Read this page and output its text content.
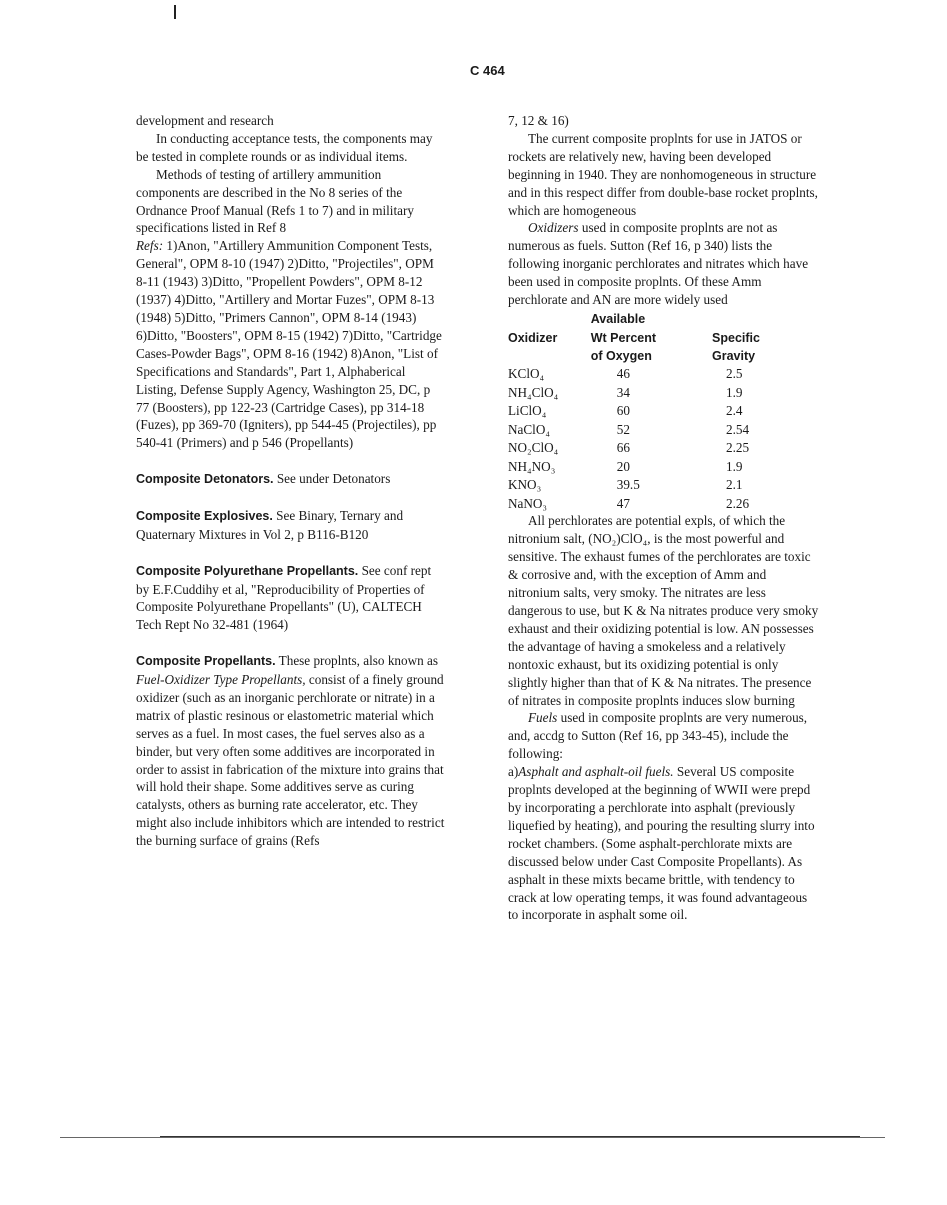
C 464

development and research

In conducting acceptance tests, the components may be tested in complete rounds or as individual items.

Methods of testing of artillery ammunition components are described in the No 8 series of the Ordnance Proof Manual (Refs 1 to 7) and in military specifications listed in Ref 8

Refs: 1)Anon, "Artillery Ammunition Component Tests, General", OPM 8-10 (1947) 2)Ditto, "Projectiles", OPM 8-11 (1943) 3)Ditto, "Propellent Powders", OPM 8-12 (1937) 4)Ditto, "Artillery and Mortar Fuzes", OPM 8-13 (1948) 5)Ditto, "Primers Cannon", OPM 8-14 (1943) 6)Ditto, "Boosters", OPM 8-15 (1942) 7)Ditto, "Cartridge Cases-Powder Bags", OPM 8-16 (1942) 8)Anon, "List of Specifications and Standards", Part 1, Alphaberical Listing, Defense Supply Agency, Washington 25, DC, p 77 (Boosters), pp 122-23 (Cartridge Cases), pp 314-18 (Fuzes), pp 369-70 (Igniters), pp 544-45 (Projectiles), pp 540-41 (Primers) and p 546 (Propellants)

Composite Detonators. See under Detonators

Composite Explosives. See Binary, Ternary and Quaternary Mixtures in Vol 2, p B116-B120

Composite Polyurethane Propellants. See conf rept by E.F.Cuddihy et al, "Reproducibility of Properties of Composite Polyurethane Propellants" (U), CALTECH Tech Rept No 32-481 (1964)

Composite Propellants. These proplnts, also known as Fuel-Oxidizer Type Propellants, consist of a finely ground oxidizer (such as an inorganic perchlorate or nitrate) in a matrix of plastic resinous or elastometric material which serves as a fuel. In most cases, the fuel serves also as a binder, but very often some additives are incorporated in order to assist in fabrication of the mixture into grains that will hold their shape. Some additives serve as curing catalysts, others as burning rate accelerator, etc. They might also include inhibitors which are intended to restrict the burning surface of grains (Refs

7, 12 & 16)

The current composite proplnts for use in JATOS or rockets are relatively new, having been developed beginning in 1940. They are nonhomogeneous in structure and in this respect differ from double-base rocket proplnts, which are homogeneous

Oxidizers used in composite proplnts are not as numerous as fuels. Sutton (Ref 16, p 340) lists the following inorganic perchlorates and nitrates which have been used in composite proplnts. Of these Amm perchlorate and AN are more widely used

	Available	
Oxidizer	Wt Percent	Specific
	of Oxygen	Gravity
KClO₄	46	2.5
NH₄ClO₄	34	1.9
LiClO₄	60	2.4
NaClO₄	52	2.54
NO₂ClO₄	66	2.25
NH₄NO₃	20	1.9
KNO₃	39.5	2.1
NaNO₃	47	2.26

All perchlorates are potential expls, of which the nitronium salt, (NO₂)ClO₄, is the most powerful and sensitive. The exhaust fumes of the perchlorates are toxic & corrosive and, with the exception of Amm and nitronium salts, very smoky. The nitrates are less dangerous to use, but K & Na nitrates produce very smoky exhaust and their oxidizing potential is low. AN possesses the advantage of having a smokeless and a relatively nontoxic exhaust, but its oxidizing potential is only slightly higher than that of K & Na nitrates. The presence of nitrates in composite proplnts induces slow burning

Fuels used in composite proplnts are very numerous, and, accdg to Sutton (Ref 16, pp 343-45), include the following:

a)Asphalt and asphalt-oil fuels. Several US composite proplnts developed at the beginning of WWII were prepd by incorporating a perchlorate into asphalt (previously liquefied by heating), and pouring the resulting slurry into rocket chambers. (Some asphalt-perchlorate mixts are discussed below under Cast Composite Propellants). As asphalt in these mixts became brittle, with tendency to crack at low operating temps, it was found advantageous to incorporate in asphalt some oil.
